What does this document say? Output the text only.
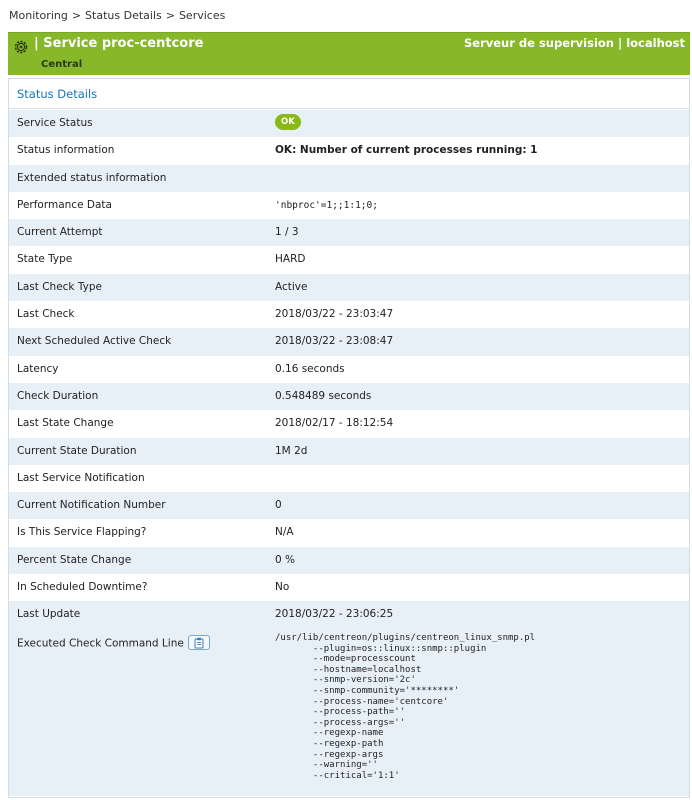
Monitoring > Status Details > Services
| Service proc-centcore
Central
Serveur de supervision | localhost
Status Details
Service Status	OK
Status information	OK: Number of current processes running: 1
Extended status information
Performance Data	'nbproc'=1;;1:1;0;
Current Attempt	1 / 3
State Type	HARD
Last Check Type	Active
Last Check	2018/03/22 - 23:03:47
Next Scheduled Active Check	2018/03/22 - 23:08:47
Latency	0.16 seconds
Check Duration	0.548489 seconds
Last State Change	2018/02/17 - 18:12:54
Current State Duration	1M 2d
Last Service Notification
Current Notification Number	0
Is This Service Flapping?	N/A
Percent State Change	0 %
In Scheduled Downtime?	No
Last Update	2018/03/22 - 23:06:25
Executed Check Command Line	/usr/lib/centreon/plugins/centreon_linux_snmp.pl
--plugin=os::linux::snmp::plugin
--mode=processcount
--hostname=localhost
--snmp-version='2c'
--snmp-community='********'
--process-name='centcore'
--process-path=''
--process-args=''
--regexp-name
--regexp-path
--regexp-args
--warning=''
--critical='1:1'
